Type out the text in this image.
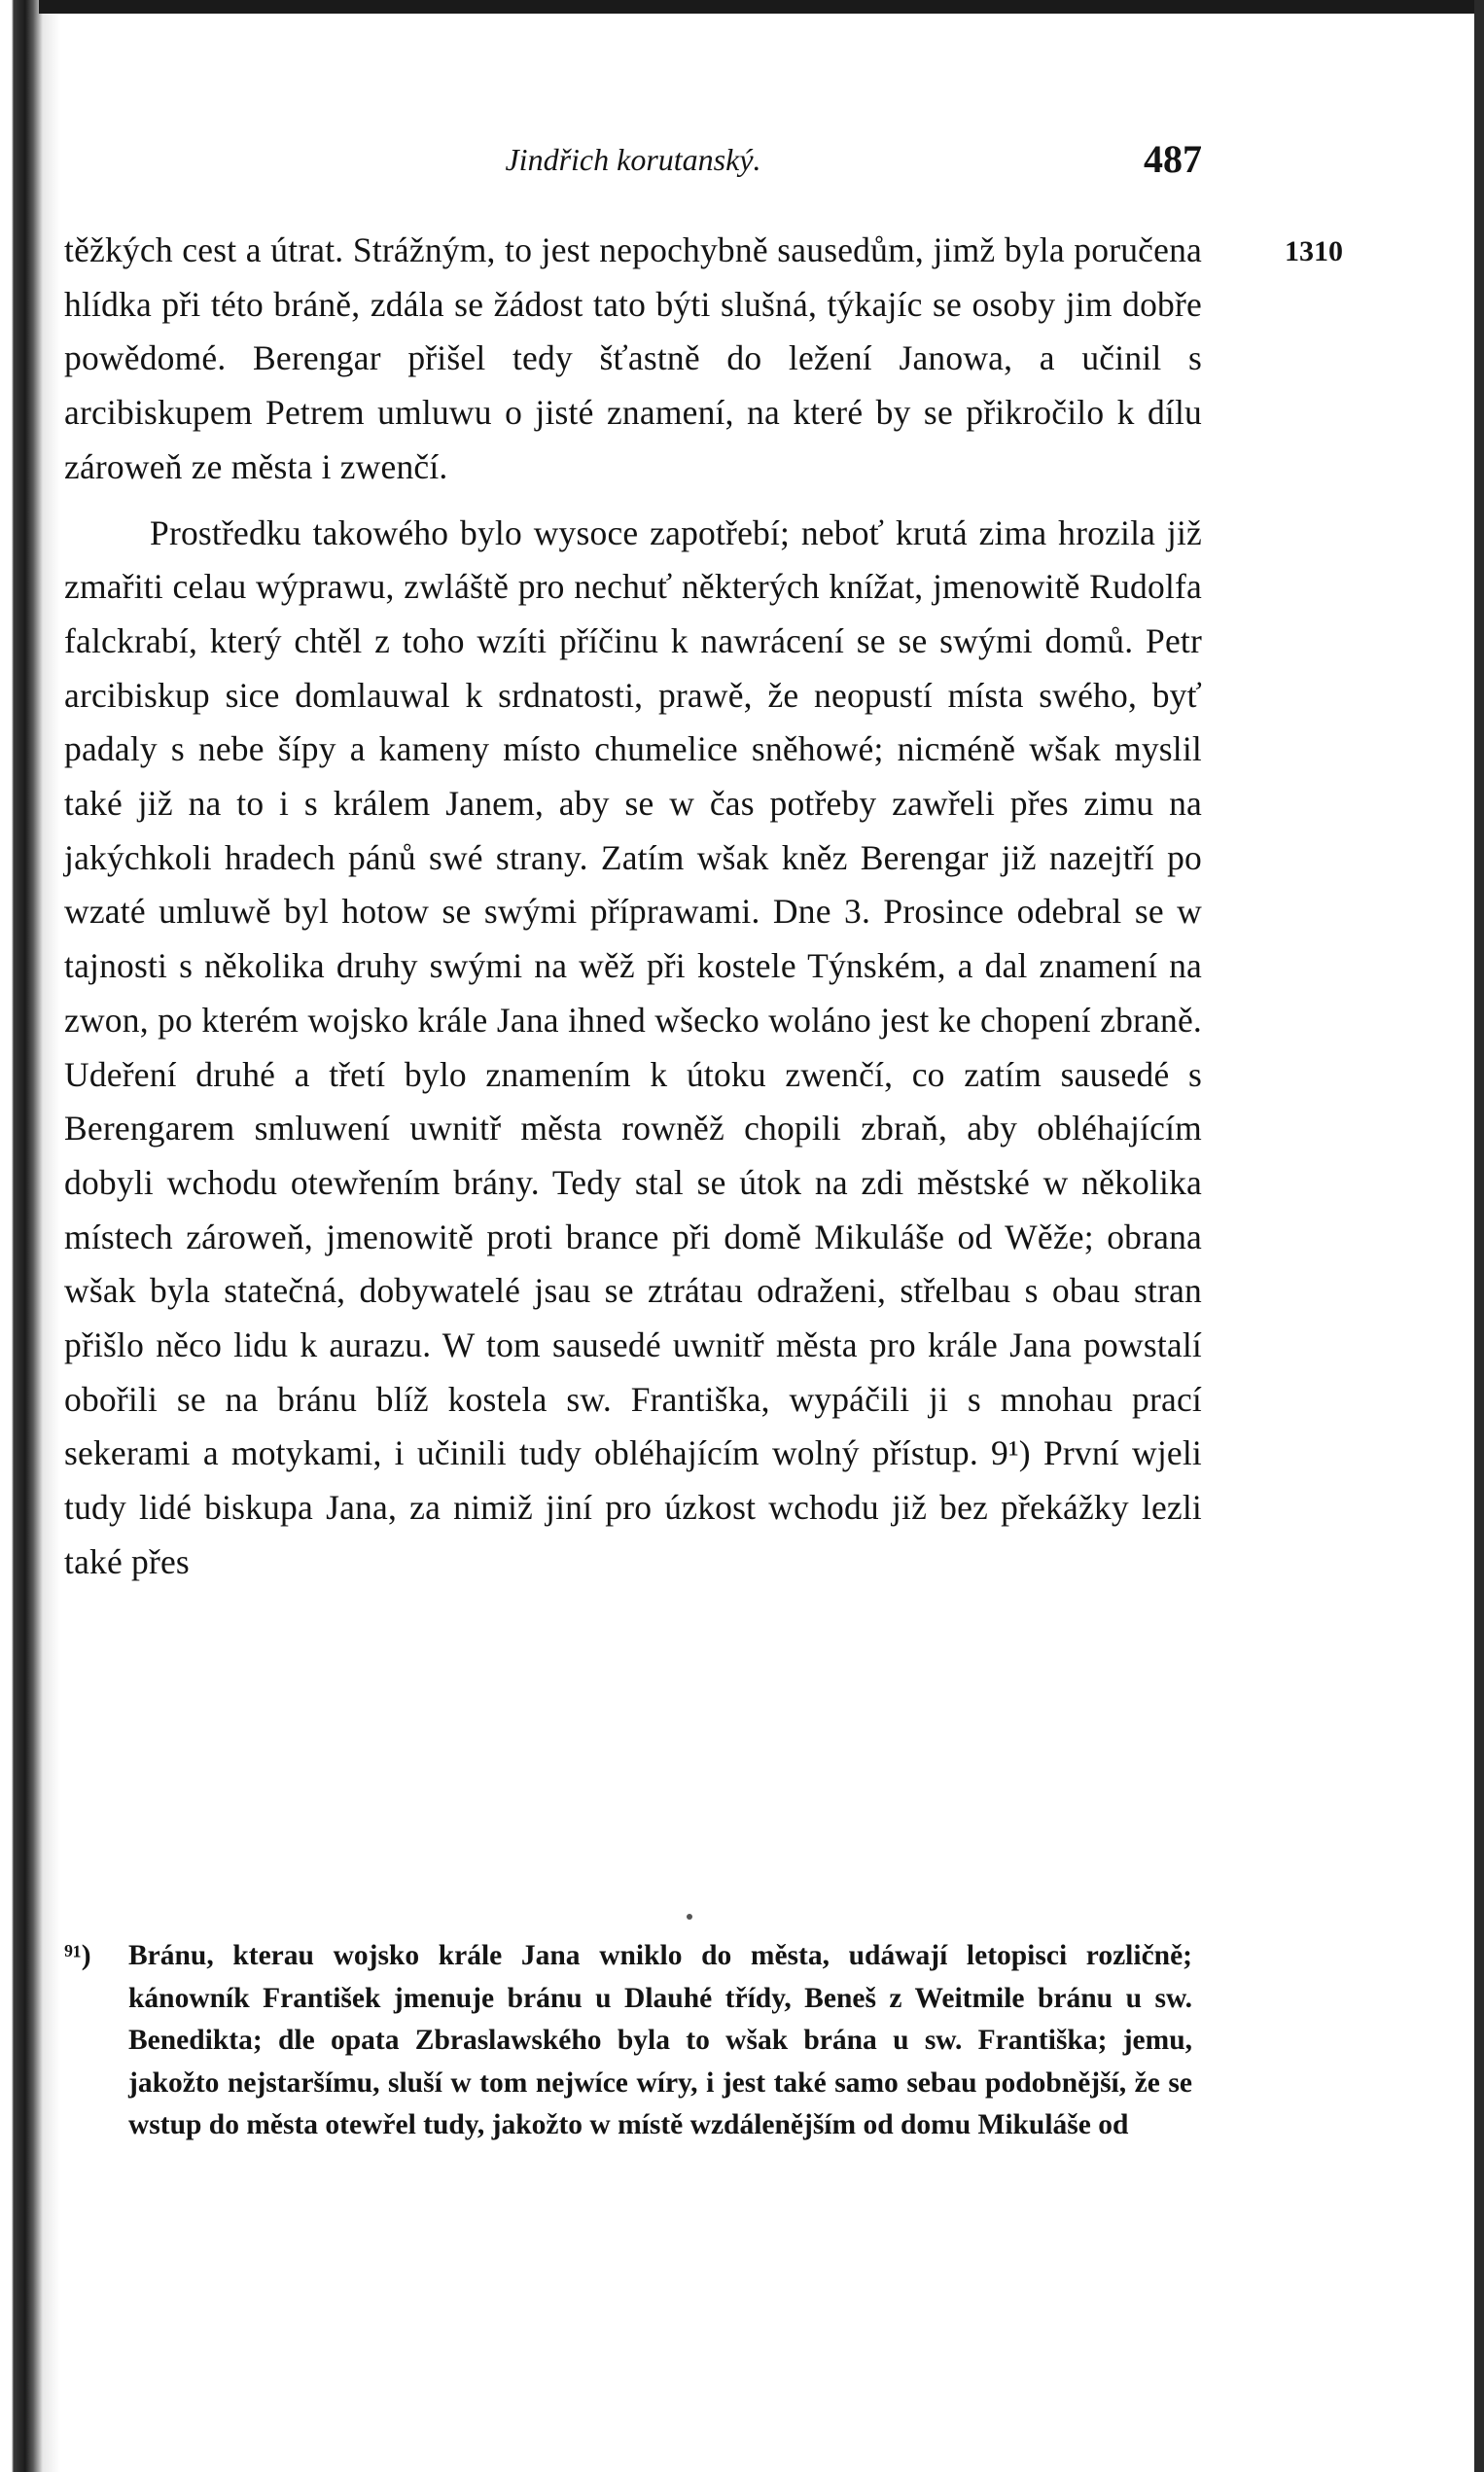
Jindřich korutanský.	487
1310

těžkých cest a útrat. Strážným, to jest nepochybně sausedům, jimž byla poručena hlídka při této bráně, zdála se žádost tato býti slušná, týkajíc se osoby jim dobře powědomé. Berengar přišel tedy šťastně do ležení Janowa, a učinil s arcibiskupem Petrem umluwu o jisté znamení, na které by se přikročilo k dílu zároweň ze města i zwenčí.

Prostředku takowého bylo wysoce zapotřebí; neboť krutá zima hrozila již zmařiti celau wýprawu, zwláště pro nechuť některých knížat, jmenowitě Rudolfa falckrabí, který chtěl z toho wzíti příčinu k nawrácení se se swými domů. Petr arcibiskup sice domlauwal k srdnatosti, prawě, že neopustí místa swého, byť padaly s nebe šípy a kameny místo chumelice sněhowé; nicméně wšak myslil také již na to i s králem Janem, aby se w čas potřeby zawřeli přes zimu na jakýchkoli hradech pánů swé strany. Zatím wšak kněz Berengar již nazejtří po wzaté umluwě byl hotow se swými příprawami. Dne 3. Prosince odebral se w tajnosti s několika druhy swými na wěž při kostele Týnském, a dal znamení na zwon, po kterém wojsko krále Jana ihned wšecko woláno jest ke chopení zbraně. Udeření druhé a třetí bylo znamením k útoku zwenčí, co zatím sausedé s Berengarem smluwení uwnitř města rowněž chopili zbraň, aby obléhajícím dobyli wchodu otewřením brány. Tedy stal se útok na zdi městské w několika místech zároweň, jmenowitě proti brance při domě Mikuláše od Wěže; obrana wšak byla statečná, dobywatelé jsau se ztrátau odraženi, střelbau s obau stran přišlo něco lidu k aurazu. W tom sausedé uwnitř města pro krále Jana powstalí obořili se na bránu blíž kostela sw. Františka, wypáčili ji s mnohau prací sekerami a motykami, i učinili tudy obléhajícím wolný přístup. 9¹) První wjeli tudy lidé biskupa Jana, za nimiž jiní pro úzkost wchodu již bez překážky lezli také přes

⁹¹) Bránu, kterau wojsko krále Jana wniklo do města, udáwají letopisci rozličně; kánowník František jmenuje bránu u Dlauhé třídy, Beneš z Weitmile bránu u sw. Benedikta; dle opata Zbraslawského byla to wšak brána u sw. Františka; jemu, jakožto nejstaršímu, sluší w tom nejwíce wíry, i jest také samo sebau podobnější, že se wstup do města otewřel tudy, jakožto w místě wzdálenějším od domu Mikuláše od
